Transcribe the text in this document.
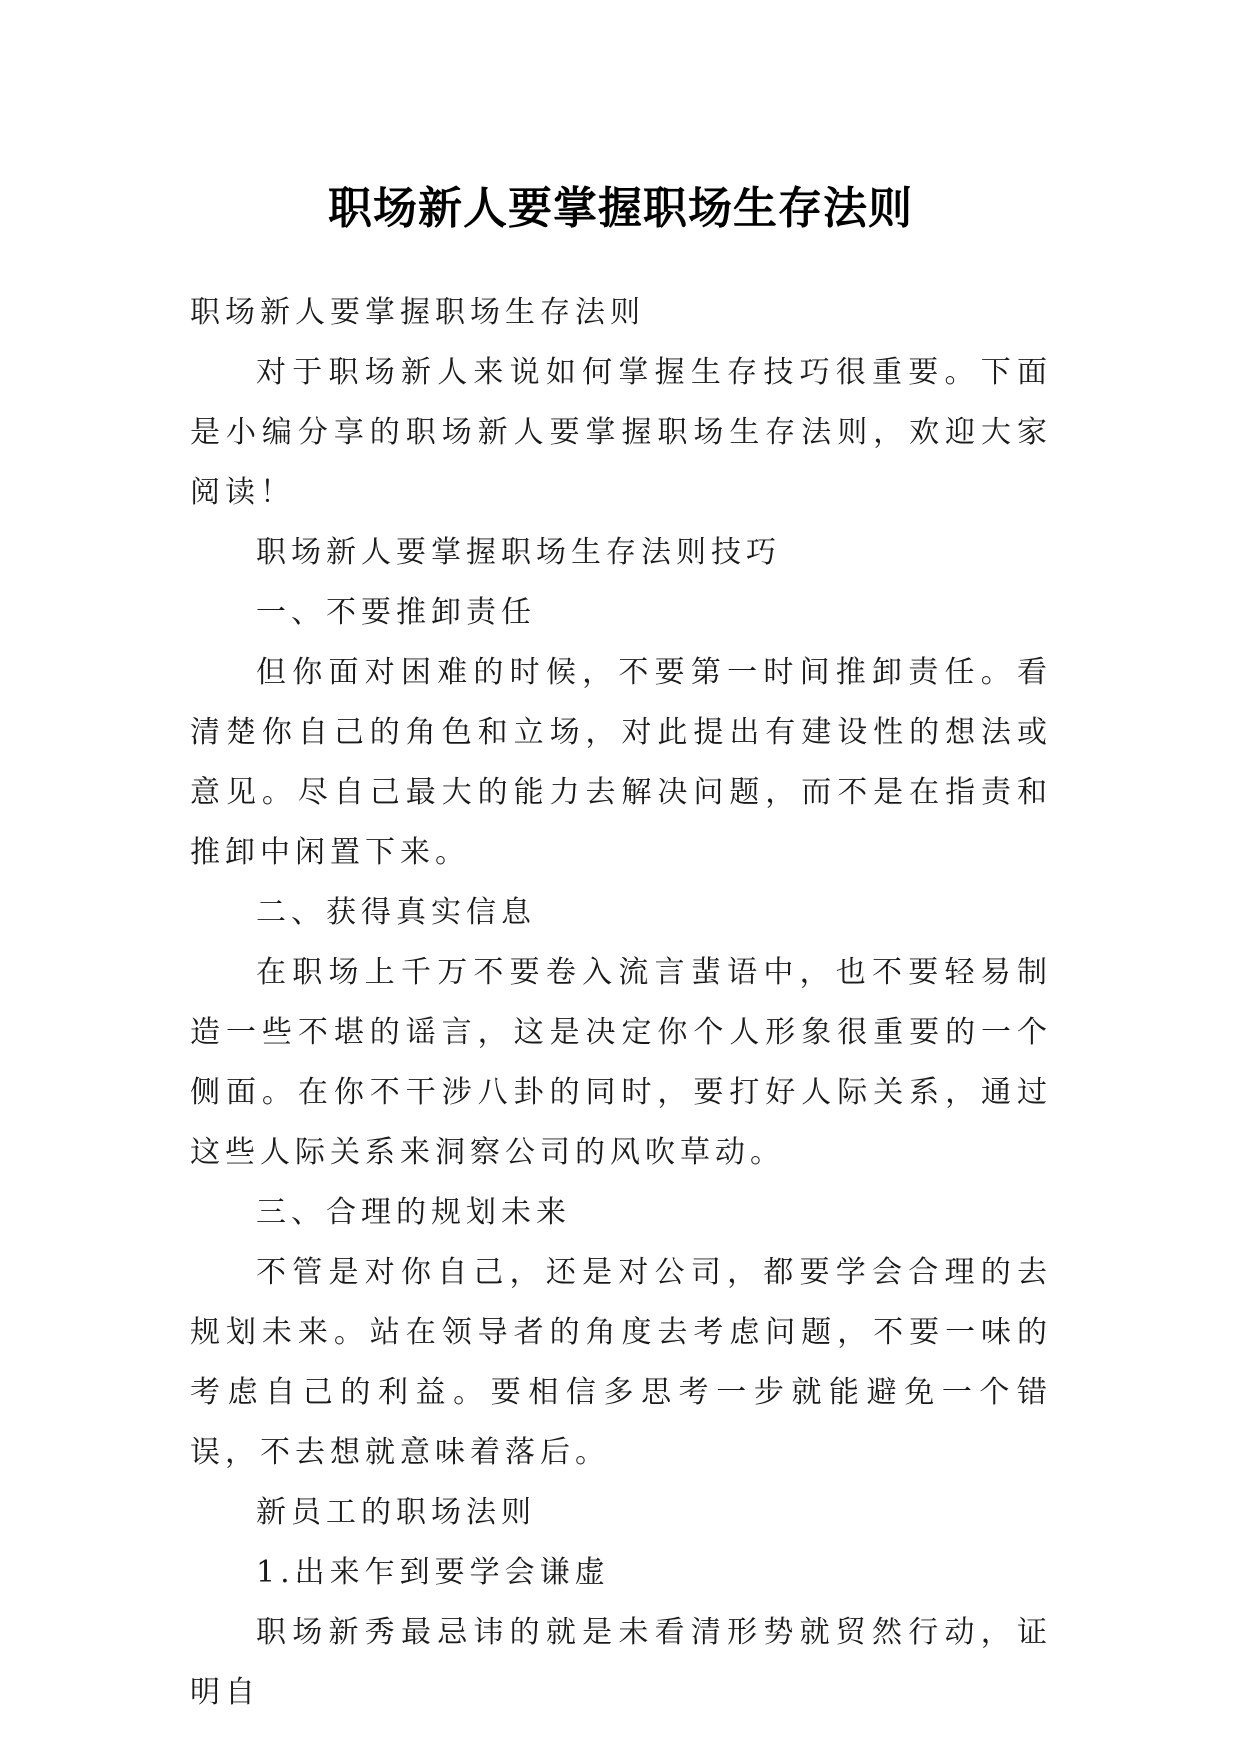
职场新人要掌握职场生存法则

职场新人要掌握职场生存法则

对于职场新人来说如何掌握生存技巧很重要。下面是小编分享的职场新人要掌握职场生存法则，欢迎大家阅读！

职场新人要掌握职场生存法则技巧

一、不要推卸责任

但你面对困难的时候，不要第一时间推卸责任。看清楚你自己的角色和立场，对此提出有建设性的想法或意见。尽自己最大的能力去解决问题，而不是在指责和推卸中闲置下来。

二、获得真实信息

在职场上千万不要卷入流言蜚语中，也不要轻易制造一些不堪的谣言，这是决定你个人形象很重要的一个侧面。在你不干涉八卦的同时，要打好人际关系，通过这些人际关系来洞察公司的风吹草动。

三、合理的规划未来

不管是对你自己，还是对公司，都要学会合理的去规划未来。站在领导者的角度去考虑问题，不要一味的考虑自己的利益。要相信多思考一步就能避免一个错误，不去想就意味着落后。

新员工的职场法则

1.出来乍到要学会谦虚

职场新秀最忌讳的就是未看清形势就贸然行动，证明自
